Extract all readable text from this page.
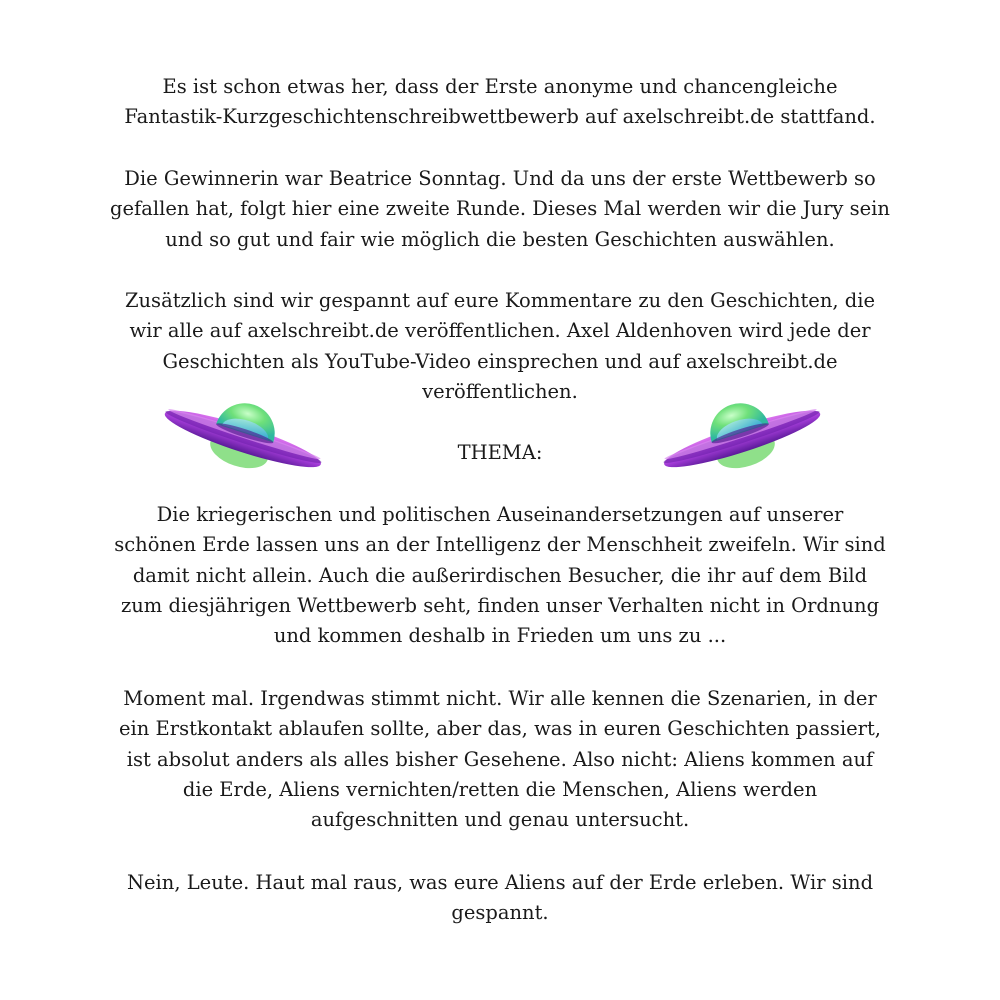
Es ist schon etwas her, dass der Erste anonyme und chancengleiche
Fantastik-Kurzgeschichtenschreibwettbewerb auf axelschreibt.de stattfand.
Die Gewinnerin war Beatrice Sonntag. Und da uns der erste Wettbewerb so
gefallen hat, folgt hier eine zweite Runde. Dieses Mal werden wir die Jury sein
und so gut und fair wie möglich die besten Geschichten auswählen.
Zusätzlich sind wir gespannt auf eure Kommentare zu den Geschichten, die
wir alle auf axelschreibt.de veröffentlichen. Axel Aldenhoven wird jede der
Geschichten als YouTube-Video einsprechen und auf axelschreibt.de
veröffentlichen.
THEMA:
Die kriegerischen und politischen Auseinandersetzungen auf unserer
schönen Erde lassen uns an der Intelligenz der Menschheit zweifeln. Wir sind
damit nicht allein. Auch die außerirdischen Besucher, die ihr auf dem Bild
zum diesjährigen Wettbewerb seht, finden unser Verhalten nicht in Ordnung
und kommen deshalb in Frieden um uns zu ...
Moment mal. Irgendwas stimmt nicht. Wir alle kennen die Szenarien, in der
ein Erstkontakt ablaufen sollte, aber das, was in euren Geschichten passiert,
ist absolut anders als alles bisher Gesehene. Also nicht: Aliens kommen auf
die Erde, Aliens vernichten/retten die Menschen, Aliens werden
aufgeschnitten und genau untersucht.
Nein, Leute. Haut mal raus, was eure Aliens auf der Erde erleben. Wir sind
gespannt.
